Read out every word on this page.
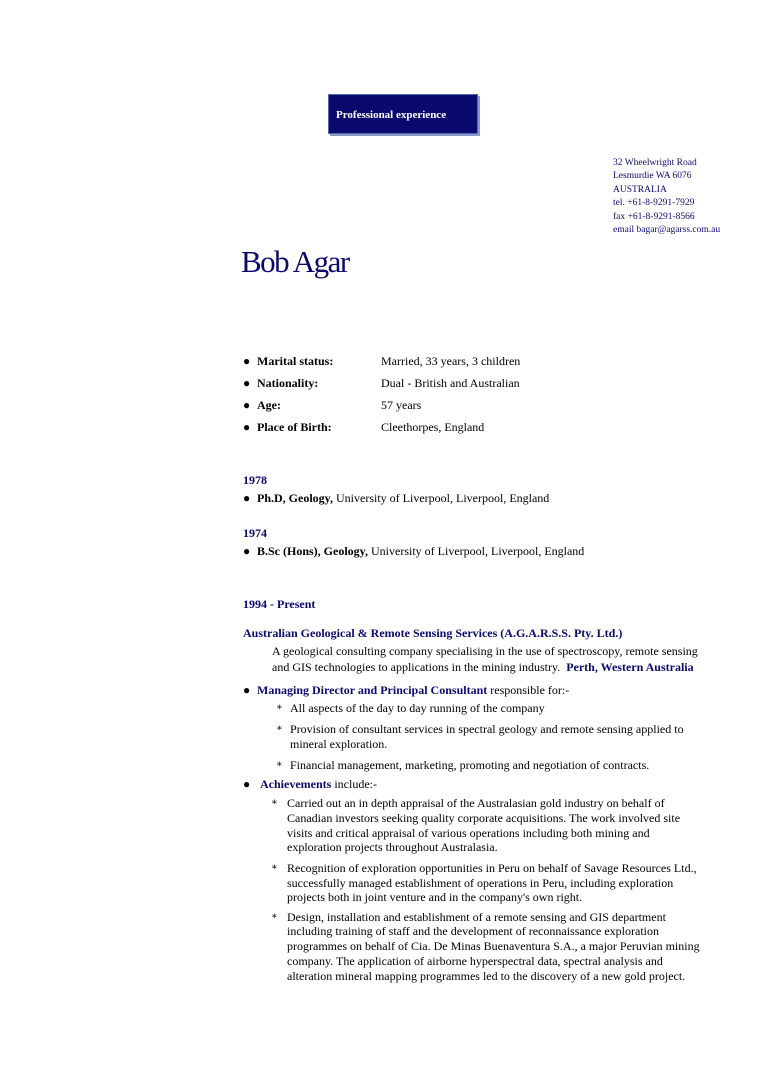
Professional experience
32 Wheelwright Road
Lesmurdie WA 6076
AUSTRALIA
tel. +61-8-9291-7929
fax +61-8-9291-8566
email bagar@agarss.com.au
Bob Agar
● Marital status:	Married, 33 years, 3 children
● Nationality:	Dual - British and Australian
● Age:	57 years
● Place of Birth:	Cleethorpes, England
1978
● Ph.D, Geology, University of Liverpool, Liverpool, England
1974
● B.Sc (Hons), Geology, University of Liverpool, Liverpool, England
1994 - Present
Australian Geological & Remote Sensing Services (A.G.A.R.S.S. Pty. Ltd.)
A geological consulting company specialising in the use of spectroscopy, remote sensing
and GIS technologies to applications in the mining industry. Perth, Western Australia
● Managing Director and Principal Consultant responsible for:-
∗ All aspects of the day to day running of the company
∗ Provision of consultant services in spectral geology and remote sensing applied to
mineral exploration.
∗ Financial management, marketing, promoting and negotiation of contracts.
● Achievements include:-
∗ Carried out an in depth appraisal of the Australasian gold industry on behalf of
Canadian investors seeking quality corporate acquisitions. The work involved site
visits and critical appraisal of various operations including both mining and
exploration projects throughout Australasia.
∗ Recognition of exploration opportunities in Peru on behalf of Savage Resources Ltd.,
successfully managed establishment of operations in Peru, including exploration
projects both in joint venture and in the company's own right.
∗ Design, installation and establishment of a remote sensing and GIS department
including training of staff and the development of reconnaissance exploration
programmes on behalf of Cia. De Minas Buenaventura S.A., a major Peruvian mining
company. The application of airborne hyperspectral data, spectral analysis and
alteration mineral mapping programmes led to the discovery of a new gold project.
